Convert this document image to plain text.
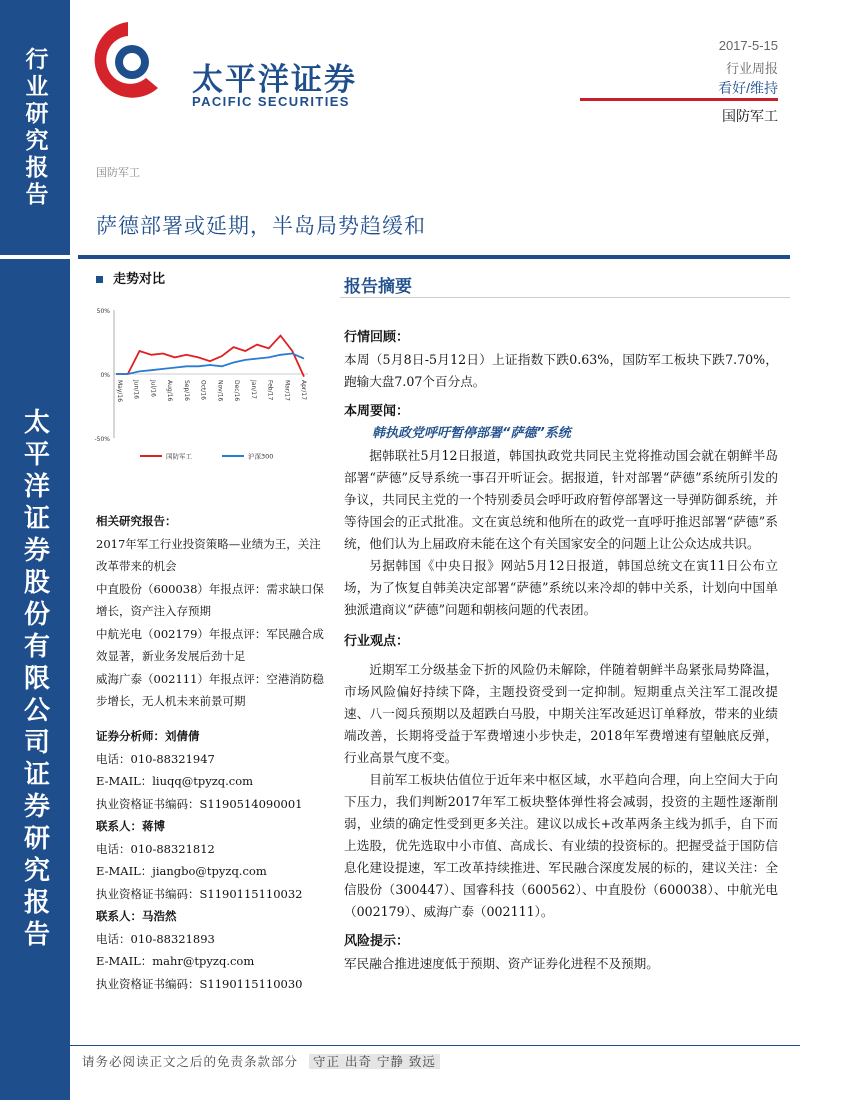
行业研究报告
太平洋证券股份有限公司证券研究报告
太平洋证券
PACIFIC SECURITIES
2017-5-15
行业周报
看好/维持
国防军工
国防军工
萨德部署或延期，半岛局势趋缓和
走势对比
50%
0%
-50%
May/16 Jun/16 Jul/16 Aug/16 Sep/16 Oct/16 Nov/16 Dec/16 Jan/17 Feb/17 Mar/17 Apr/17
国防军工	沪深300
相关研究报告：
2017年军工行业投资策略—业绩为王，关注改革带来的机会
中直股份（600038）年报点评：需求缺口保增长，资产注入存预期
中航光电（002179）年报点评：军民融合成效显著，新业务发展后劲十足
威海广泰（002111）年报点评：空港消防稳步增长，无人机未来前景可期
证券分析师：刘倩倩
电话：010-88321947
E-MAIL：liuqq@tpyzq.com
执业资格证书编码：S1190514090001
联系人：蒋博
电话：010-88321812
E-MAIL：jiangbo@tpyzq.com
执业资格证书编码：S1190115110032
联系人：马浩然
电话：010-88321893
E-MAIL：mahr@tpyzq.com
执业资格证书编码：S1190115110030
报告摘要
行情回顾：

本周（5月8日-5月12日）上证指数下跌0.63%，国防军工板块下跌7.70%，跑输大盘7.07个百分点。

本周要闻：
韩执政党呼吁暂停部署“萨德”系统

据韩联社5月12日报道，韩国执政党共同民主党将推动国会就在朝鲜半岛部署“萨德”反导系统一事召开听证会。据报道，针对部署“萨德”系统所引发的争议，共同民主党的一个特别委员会呼吁政府暂停部署这一导弹防御系统，并等待国会的正式批准。文在寅总统和他所在的政党一直呼吁推迟部署“萨德”系统，他们认为上届政府未能在这个有关国家安全的问题上让公众达成共识。

另据韩国《中央日报》网站5月12日报道，韩国总统文在寅11日公布立场，为了恢复自韩美决定部署“萨德”系统以来冷却的韩中关系，计划向中国单独派遣商议“萨德”问题和朝核问题的代表团。

行业观点：

近期军工分级基金下折的风险仍未解除，伴随着朝鲜半岛紧张局势降温，市场风险偏好持续下降，主题投资受到一定抑制。短期重点关注军工混改提速、八一阅兵预期以及超跌白马股，中期关注军改延迟订单释放，带来的业绩端改善，长期将受益于军费增速小步快走，2018年军费增速有望触底反弹，行业高景气度不变。

目前军工板块估值位于近年来中枢区域，水平趋向合理，向上空间大于向下压力，我们判断2017年军工板块整体弹性将会减弱，投资的主题性逐渐削弱，业绩的确定性受到更多关注。建议以成长+改革两条主线为抓手，自下而上选股，优先选取中小市值、高成长、有业绩的投资标的。把握受益于国防信息化建设提速，军工改革持续推进、军民融合深度发展的标的，建议关注：全信股份（300447）、国睿科技（600562）、中直股份（600038）、中航光电（002179）、威海广泰（002111）。

风险提示：

军民融合推进速度低于预期、资产证券化进程不及预期。

请务必阅读正文之后的免责条款部分 守正 出奇 宁静 致远
